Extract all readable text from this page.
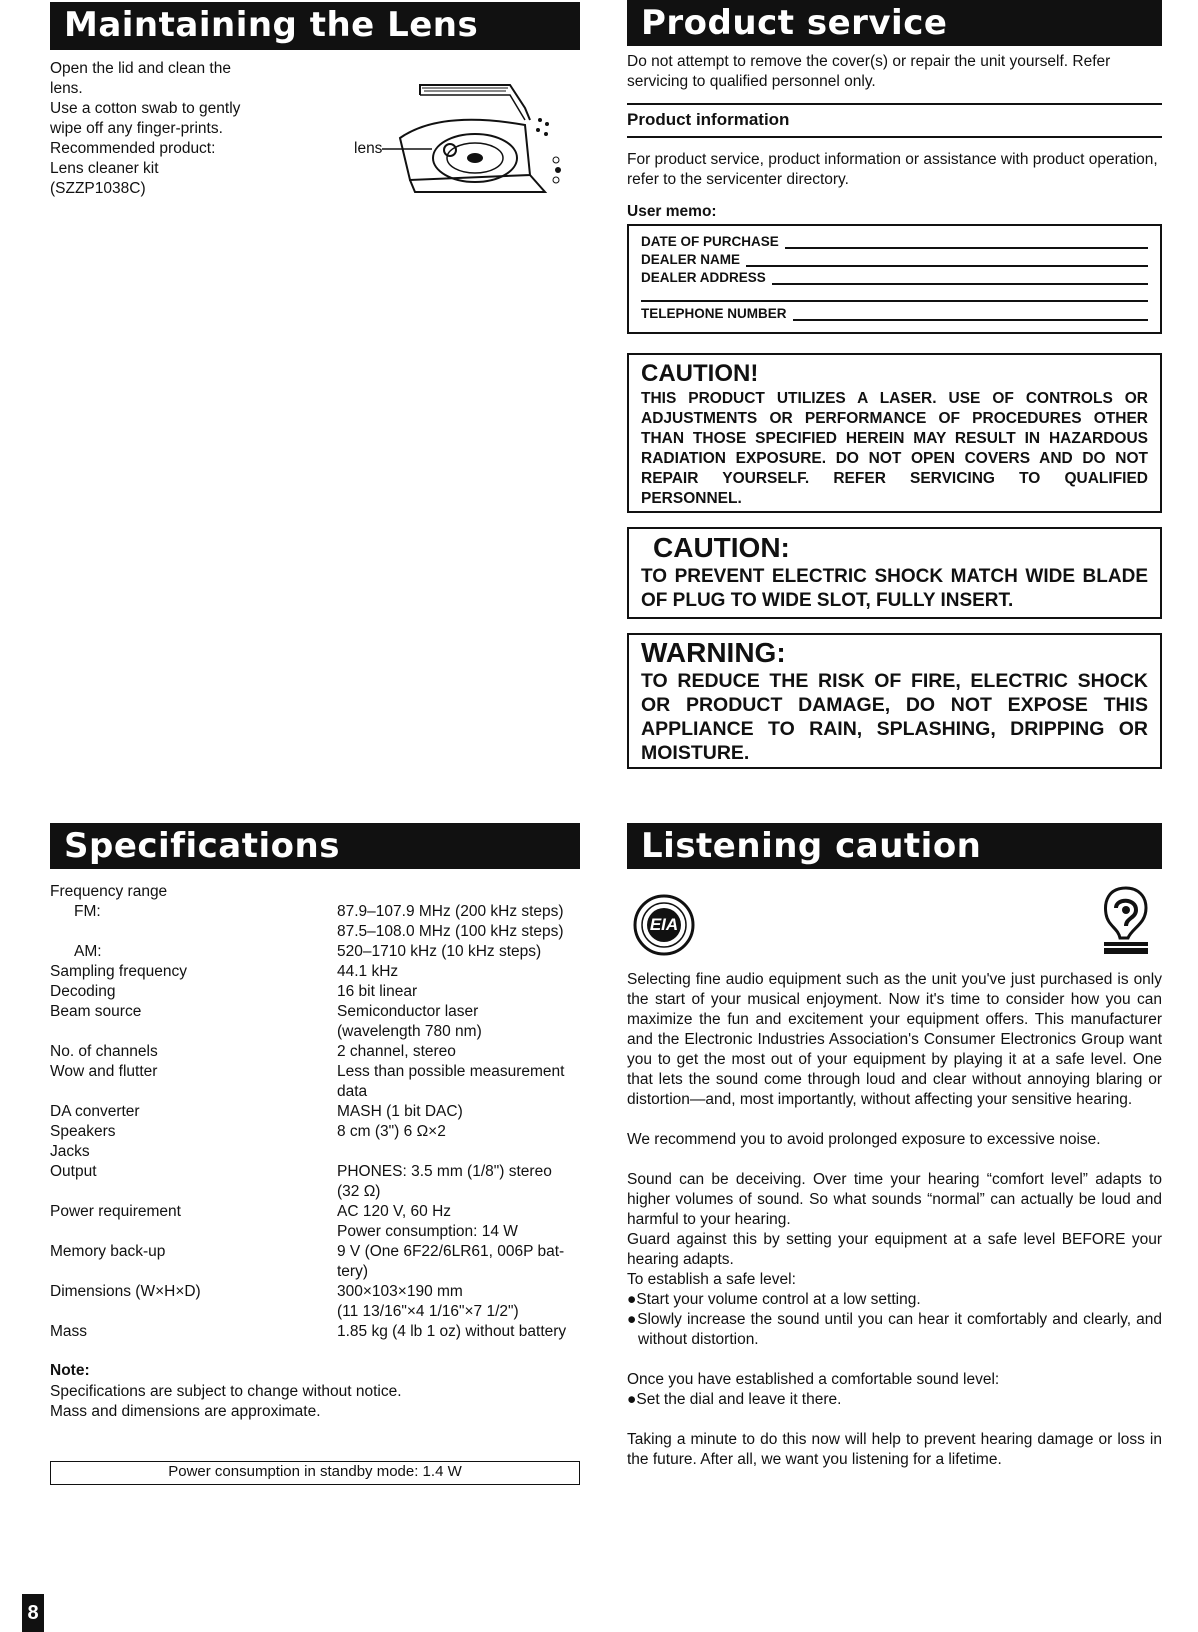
Maintaining the Lens
Open the lid and clean the
lens.
Use a cotton swab to gently
wipe off any finger-prints.
Recommended product:
Lens cleaner kit
(SZZP1038C)
lens
Product service
Do not attempt to remove the cover(s) or repair the unit yourself. Refer servicing to qualified personnel only.
Product information
For product service, product information or assistance with product operation, refer to the servicenter directory.
User memo:
DATE OF PURCHASE
DEALER NAME
DEALER ADDRESS
TELEPHONE NUMBER
CAUTION!
THIS PRODUCT UTILIZES A LASER. USE OF CONTROLS OR ADJUSTMENTS OR PERFORMANCE OF PROCEDURES OTHER THAN THOSE SPECIFIED HEREIN MAY RESULT IN HAZARDOUS RADIATION EXPOSURE. DO NOT OPEN COVERS AND DO NOT REPAIR YOURSELF. REFER SERVICING TO QUALIFIED PERSONNEL.
CAUTION:
TO PREVENT ELECTRIC SHOCK MATCH WIDE BLADE OF PLUG TO WIDE SLOT, FULLY INSERT.
WARNING:
TO REDUCE THE RISK OF FIRE, ELECTRIC SHOCK OR PRODUCT DAMAGE, DO NOT EXPOSE THIS APPLIANCE TO RAIN, SPLASHING, DRIPPING OR MOISTURE.
Specifications
Frequency range
FM:	87.9–107.9 MHz (200 kHz steps)
87.5–108.0 MHz (100 kHz steps)
AM:	520–1710 kHz (10 kHz steps)
Sampling frequency	44.1 kHz
Decoding	16 bit linear
Beam source	Semiconductor laser
(wavelength 780 nm)
No. of channels	2 channel, stereo
Wow and flutter	Less than possible measurement
data
DA converter	MASH (1 bit DAC)
Speakers	8 cm (3") 6 Ω×2
Jacks
Output	PHONES: 3.5 mm (1/8") stereo
(32 Ω)
Power requirement	AC 120 V, 60 Hz
Power consumption: 14 W
Memory back-up	9 V (One 6F22/6LR61, 006P bat-
tery)
Dimensions (W×H×D)	300×103×190 mm
(11 13/16"×4 1/16"×7 1/2")
Mass	1.85 kg (4 lb 1 oz) without battery
Note:
Specifications are subject to change without notice.
Mass and dimensions are approximate.
Power consumption in standby mode: 1.4 W
Listening caution
EIA

Selecting fine audio equipment such as the unit you've just purchased is only the start of your musical enjoyment. Now it's time to consider how you can maximize the fun and excitement your equipment offers. This manufacturer and the Electronic Industries Association's Consumer Electronics Group want you to get the most out of your equipment by playing it at a safe level. One that lets the sound come through loud and clear without annoying blaring or distortion—and, most importantly, without affecting your sensitive hearing.

We recommend you to avoid prolonged exposure to excessive noise.

Sound can be deceiving. Over time your hearing “comfort level” adapts to higher volumes of sound. So what sounds “normal” can actually be loud and harmful to your hearing.

Guard against this by setting your equipment at a safe level BEFORE your hearing adapts.

To establish a safe level:

●Start your volume control at a low setting.

●Slowly increase the sound until you can hear it comfortably and clearly, and without distortion.

Once you have established a comfortable sound level:

●Set the dial and leave it there.

Taking a minute to do this now will help to prevent hearing damage or loss in the future. After all, we want you listening for a lifetime.

8
